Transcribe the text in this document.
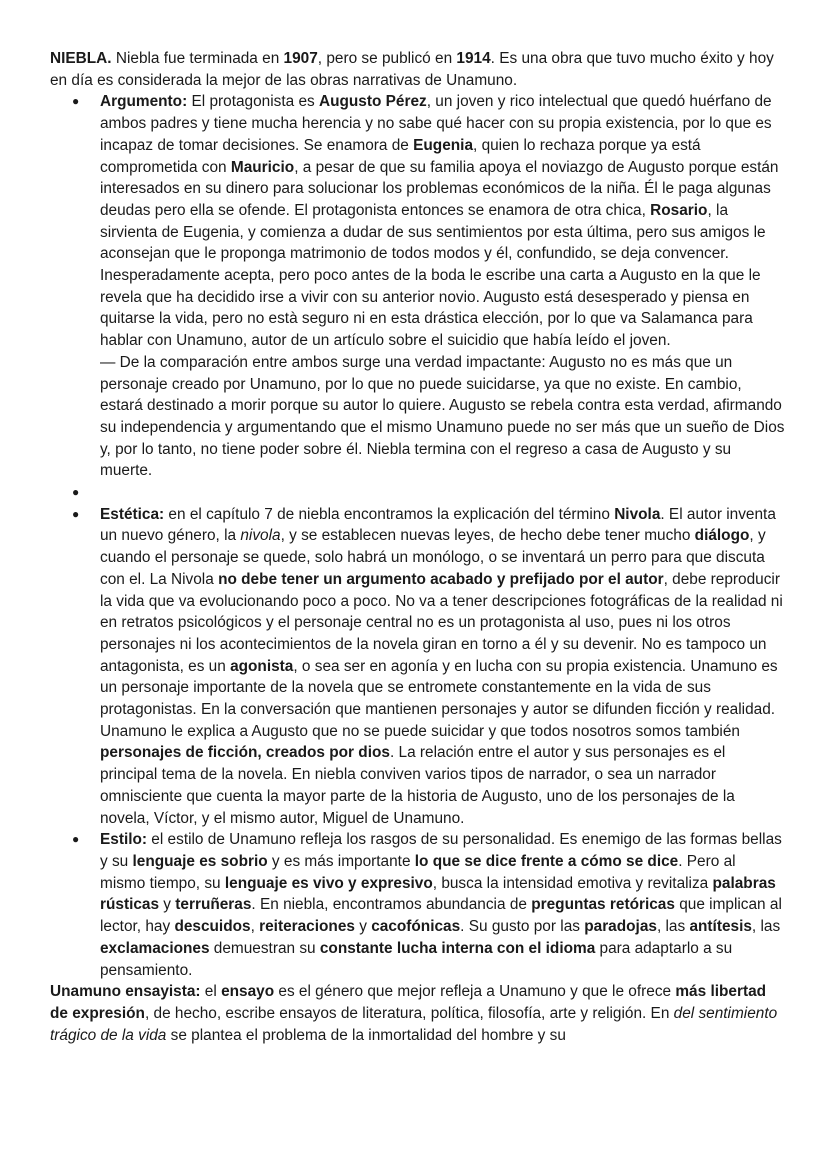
NIEBLA. Niebla fue terminada en 1907, pero se publicó en 1914. Es una obra que tuvo mucho éxito y hoy en día es considerada la mejor de las obras narrativas de Unamuno.

● Argumento: El protagonista es Augusto Pérez, un joven y rico intelectual que quedó huérfano de ambos padres y tiene mucha herencia y no sabe qué hacer con su propia existencia, por lo que es incapaz de tomar decisiones. Se enamora de Eugenia, quien lo rechaza porque ya está comprometida con Mauricio, a pesar de que su familia apoya el noviazgo de Augusto porque están interesados en su dinero para solucionar los problemas económicos de la niña. Él le paga algunas deudas pero ella se ofende. El protagonista entonces se enamora de otra chica, Rosario, la sirvienta de Eugenia, y comienza a dudar de sus sentimientos por esta última, pero sus amigos le aconsejan que le proponga matrimonio de todos modos y él, confundido, se deja convencer. Inesperadamente acepta, pero poco antes de la boda le escribe una carta a Augusto en la que le revela que ha decidido irse a vivir con su anterior novio. Augusto está desesperado y piensa en quitarse la vida, pero no està seguro ni en esta drástica elección, por lo que va Salamanca para hablar con Unamuno, autor de un artículo sobre el suicidio que había leído el joven.
— De la comparación entre ambos surge una verdad impactante: Augusto no es más que un personaje creado por Unamuno, por lo que no puede suicidarse, ya que no existe. En cambio, estará destinado a morir porque su autor lo quiere. Augusto se rebela contra esta verdad, afirmando su independencia y argumentando que el mismo Unamuno puede no ser más que un sueño de Dios y, por lo tanto, no tiene poder sobre él. Niebla termina con el regreso a casa de Augusto y su muerte.
●
● Estética: en el capítulo 7 de niebla encontramos la explicación del término Nivola. El autor inventa un nuevo género, la nivola, y se establecen nuevas leyes, de hecho debe tener mucho diálogo, y cuando el personaje se quede, solo habrá un monólogo, o se inventará un perro para que discuta con el. La Nivola no debe tener un argumento acabado y prefijado por el autor, debe reproducir la vida que va evolucionando poco a poco. No va a tener descripciones fotográficas de la realidad ni en retratos psicológicos y el personaje central no es un protagonista al uso, pues ni los otros personajes ni los acontecimientos de la novela giran en torno a él y su devenir. No es tampoco un antagonista, es un agonista, o sea ser en agonía y en lucha con su propia existencia. Unamuno es un personaje importante de la novela que se entromete constantemente en la vida de sus protagonistas. En la conversación que mantienen personajes y autor se difunden ficción y realidad. Unamuno le explica a Augusto que no se puede suicidar y que todos nosotros somos también personajes de ficción, creados por dios. La relación entre el autor y sus personajes es el principal tema de la novela. En niebla conviven varios tipos de narrador, o sea un narrador omnisciente que cuenta la mayor parte de la historia de Augusto, uno de los personajes de la novela, Víctor, y el mismo autor, Miguel de Unamuno.
● Estilo: el estilo de Unamuno refleja los rasgos de su personalidad. Es enemigo de las formas bellas y su lenguaje es sobrio y es más importante lo que se dice frente a cómo se dice. Pero al mismo tiempo, su lenguaje es vivo y expresivo, busca la intensidad emotiva y revitaliza palabras rústicas y terruñeras. En niebla, encontramos abundancia de preguntas retóricas que implican al lector, hay descuidos, reiteraciones y cacofónicas. Su gusto por las paradojas, las antítesis, las exclamaciones demuestran su constante lucha interna con el idioma para adaptarlo a su pensamiento.

Unamuno ensayista: el ensayo es el género que mejor refleja a Unamuno y que le ofrece más libertad de expresión, de hecho, escribe ensayos de literatura, política, filosofía, arte y religión. En del sentimiento trágico de la vida se plantea el problema de la inmortalidad del hombre y su
